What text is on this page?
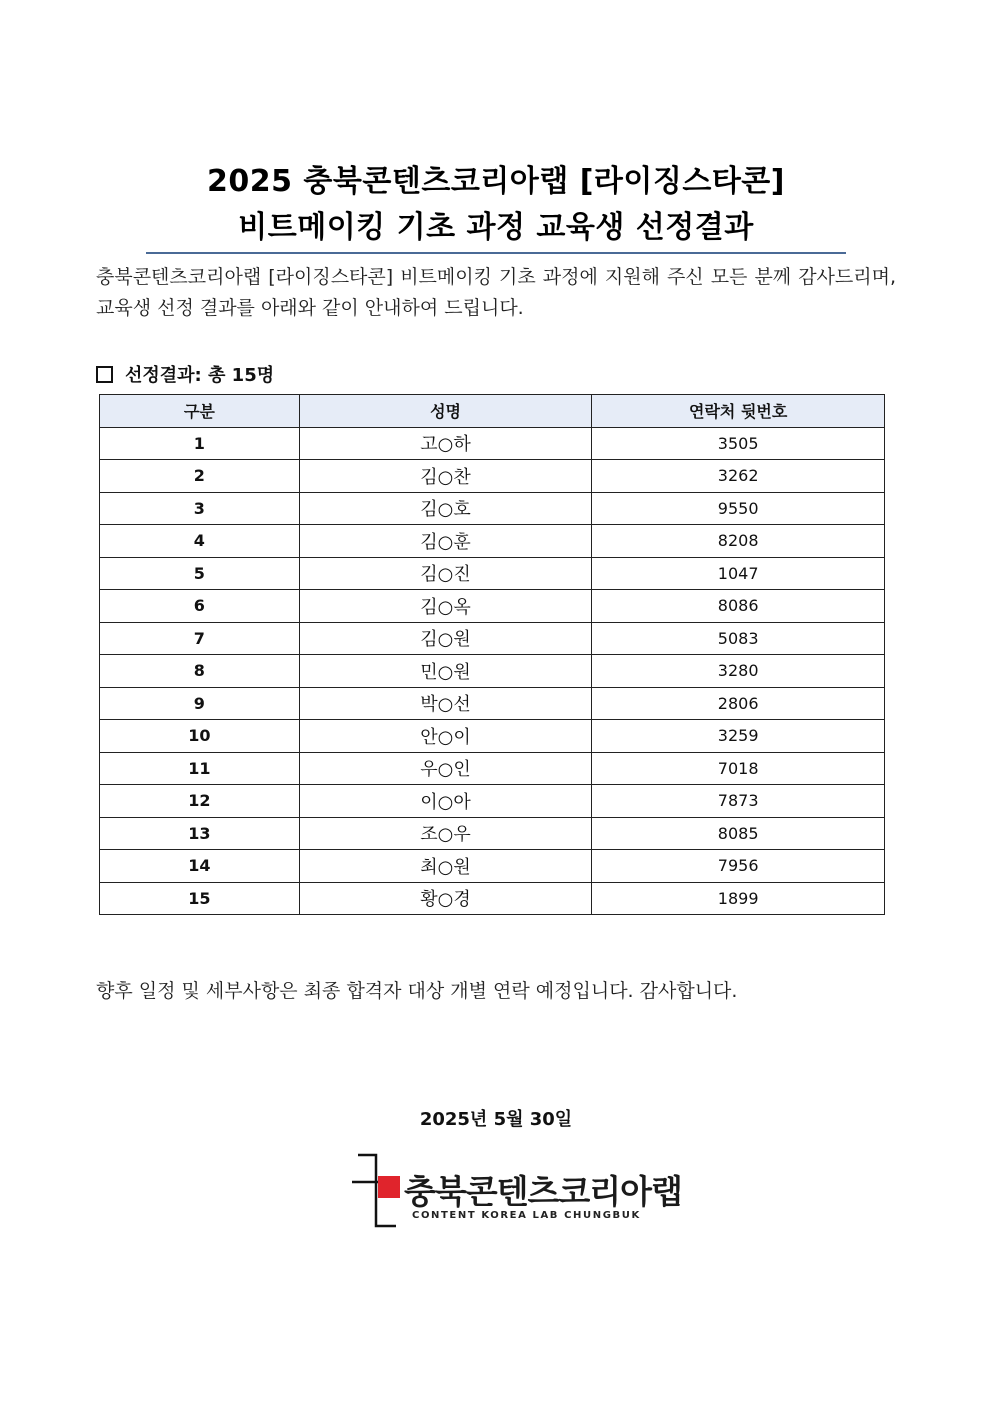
2025 충북콘텐츠코리아랩 [라이징스타콘]
비트메이킹 기초 과정 교육생 선정결과
충북콘텐츠코리아랩 [라이징스타콘] 비트메이킹 기초 과정에 지원해 주신 모든 분께 감사드리며, 교육생 선정 결과를 아래와 같이 안내하여 드립니다.
선정결과: 총 15명
구분	성명	연락처 뒷번호
1	고○하	3505
2	김○찬	3262
3	김○호	9550
4	김○훈	8208
5	김○진	1047
6	김○옥	8086
7	김○원	5083
8	민○원	3280
9	박○선	2806
10	안○이	3259
11	우○인	7018
12	이○아	7873
13	조○우	8085
14	최○원	7956
15	황○경	1899
향후 일정 및 세부사항은 최종 합격자 대상 개별 연락 예정입니다. 감사합니다.
2025년 5월 30일
충북콘텐츠코리아랩
CONTENT KOREA LAB CHUNGBUK
